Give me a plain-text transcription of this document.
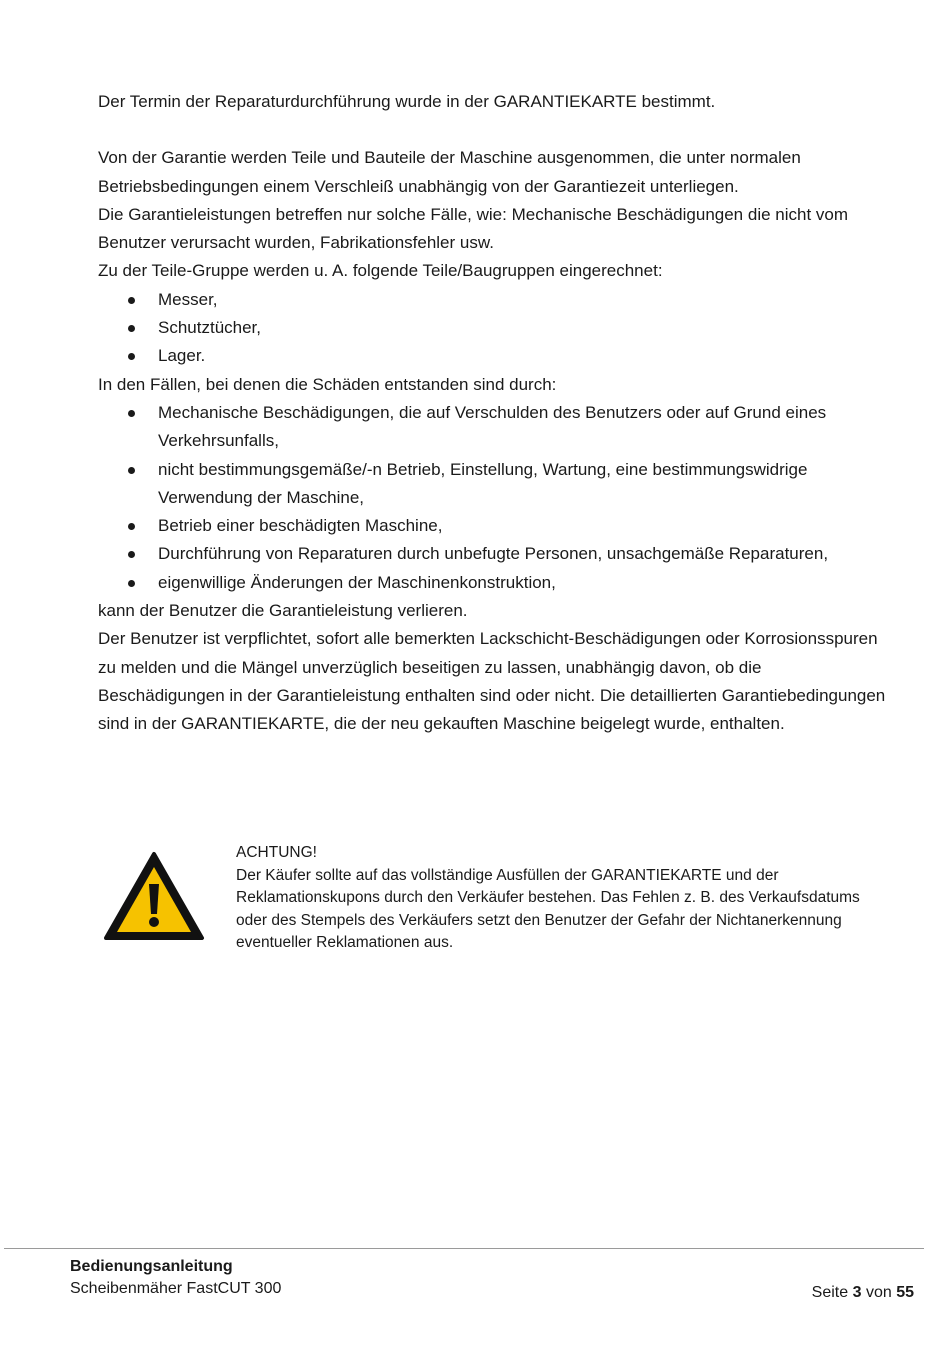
Der Termin der Reparaturdurchführung wurde in der GARANTIEKARTE bestimmt.

Von der Garantie werden Teile und Bauteile der Maschine ausgenommen, die unter normalen Betriebsbedingungen einem Verschleiß unabhängig von der Garantiezeit unterliegen.

Die Garantieleistungen betreffen nur solche Fälle, wie: Mechanische Beschädigungen die nicht vom Benutzer verursacht wurden, Fabrikationsfehler usw.

Zu der Teile-Gruppe werden u. A. folgende Teile/Baugruppen eingerechnet:

Messer,
Schutztücher,
Lager.

In den Fällen, bei denen die Schäden entstanden sind durch:

Mechanische Beschädigungen, die auf Verschulden des Benutzers oder auf Grund eines Verkehrsunfalls,
nicht bestimmungsgemäße/-n Betrieb, Einstellung, Wartung, eine bestimmungswidrige Verwendung der Maschine,
Betrieb einer beschädigten Maschine,
Durchführung von Reparaturen durch unbefugte Personen, unsachgemäße Reparaturen,
eigenwillige Änderungen der Maschinenkonstruktion,

kann der Benutzer die Garantieleistung verlieren.

Der Benutzer ist verpflichtet, sofort alle bemerkten Lackschicht-Beschädigungen oder Korrosionsspuren zu melden und die Mängel unverzüglich beseitigen zu lassen, unabhängig davon, ob die Beschädigungen in der Garantieleistung enthalten sind oder nicht. Die detaillierten Garantiebedingungen sind in der GARANTIEKARTE, die der neu gekauften Maschine beigelegt wurde, enthalten.

ACHTUNG!

Der Käufer sollte auf das vollständige Ausfüllen der GARANTIEKARTE und der Reklamationskupons durch den Verkäufer bestehen. Das Fehlen z. B. des Verkaufsdatums oder des Stempels des Verkäufers setzt den Benutzer der Gefahr der Nichtanerkennung eventueller Reklamationen aus.

Bedienungsanleitung
Scheibenmäher FastCUT 300	Seite 3 von 55
